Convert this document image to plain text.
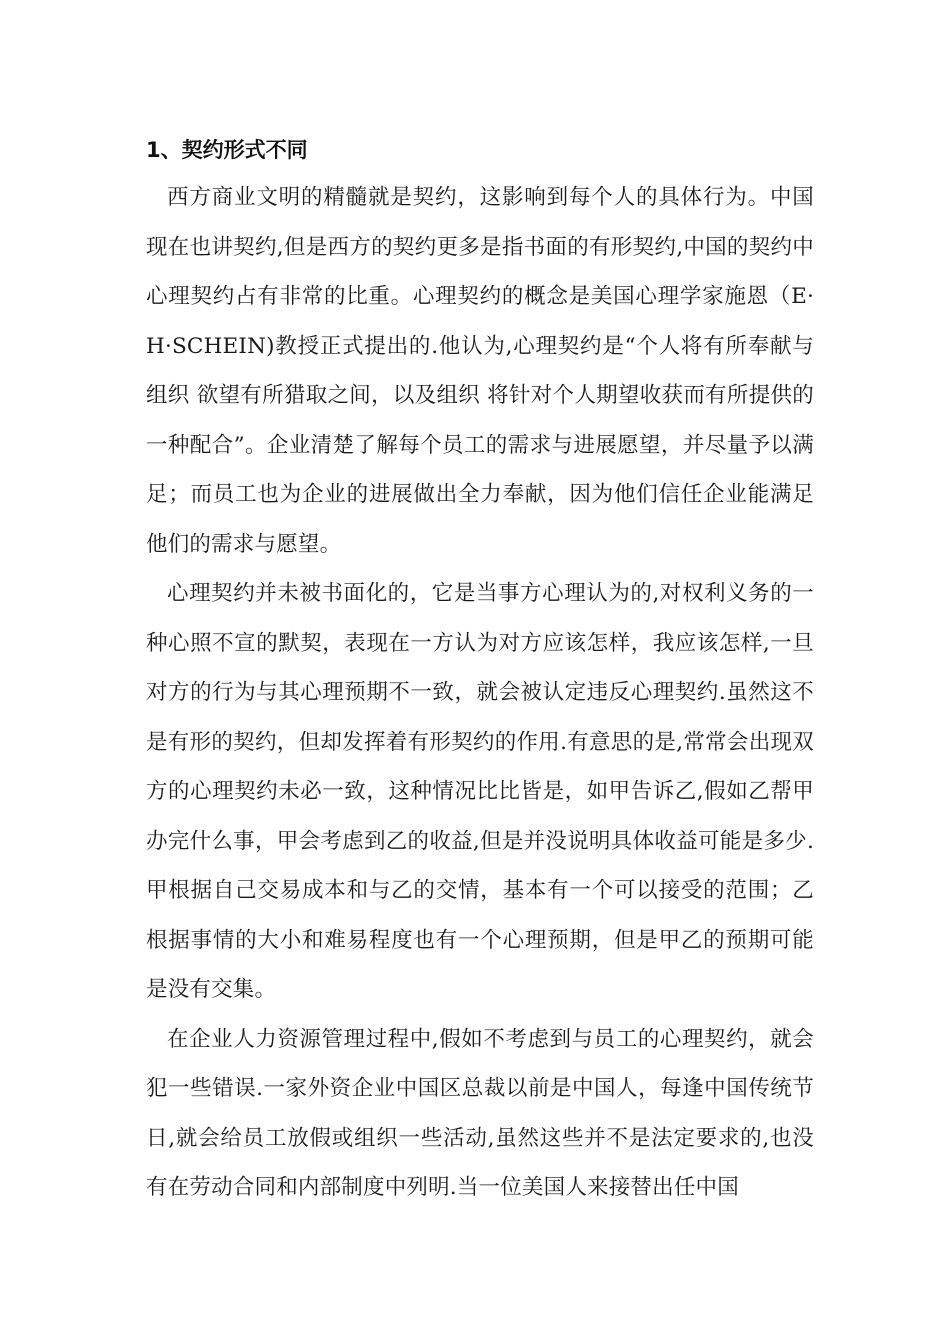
1、契约形式不同

西方商业文明的精髓就是契约，这影响到每个人的具体行为。中国现在也讲契约,但是西方的契约更多是指书面的有形契约,中国的契约中心理契约占有非常的比重。心理契约的概念是美国心理学家施恩（E·H·SCHEIN)教授正式提出的.他认为,心理契约是“个人将有所奉献与组织 欲望有所猎取之间，以及组织 将针对个人期望收获而有所提供的一种配合”。企业清楚了解每个员工的需求与进展愿望，并尽量予以满足；而员工也为企业的进展做出全力奉献，因为他们信任企业能满足他们的需求与愿望。

心理契约并未被书面化的，它是当事方心理认为的,对权利义务的一种心照不宣的默契，表现在一方认为对方应该怎样，我应该怎样,一旦对方的行为与其心理预期不一致，就会被认定违反心理契约.虽然这不是有形的契约，但却发挥着有形契约的作用.有意思的是,常常会出现双方的心理契约未必一致，这种情况比比皆是，如甲告诉乙,假如乙帮甲办完什么事，甲会考虑到乙的收益,但是并没说明具体收益可能是多少.甲根据自己交易成本和与乙的交情，基本有一个可以接受的范围；乙根据事情的大小和难易程度也有一个心理预期，但是甲乙的预期可能是没有交集。

在企业人力资源管理过程中,假如不考虑到与员工的心理契约，就会犯一些错误.一家外资企业中国区总裁以前是中国人，每逢中国传统节日,就会给员工放假或组织一些活动,虽然这些并不是法定要求的,也没有在劳动合同和内部制度中列明.当一位美国人来接替出任中国
